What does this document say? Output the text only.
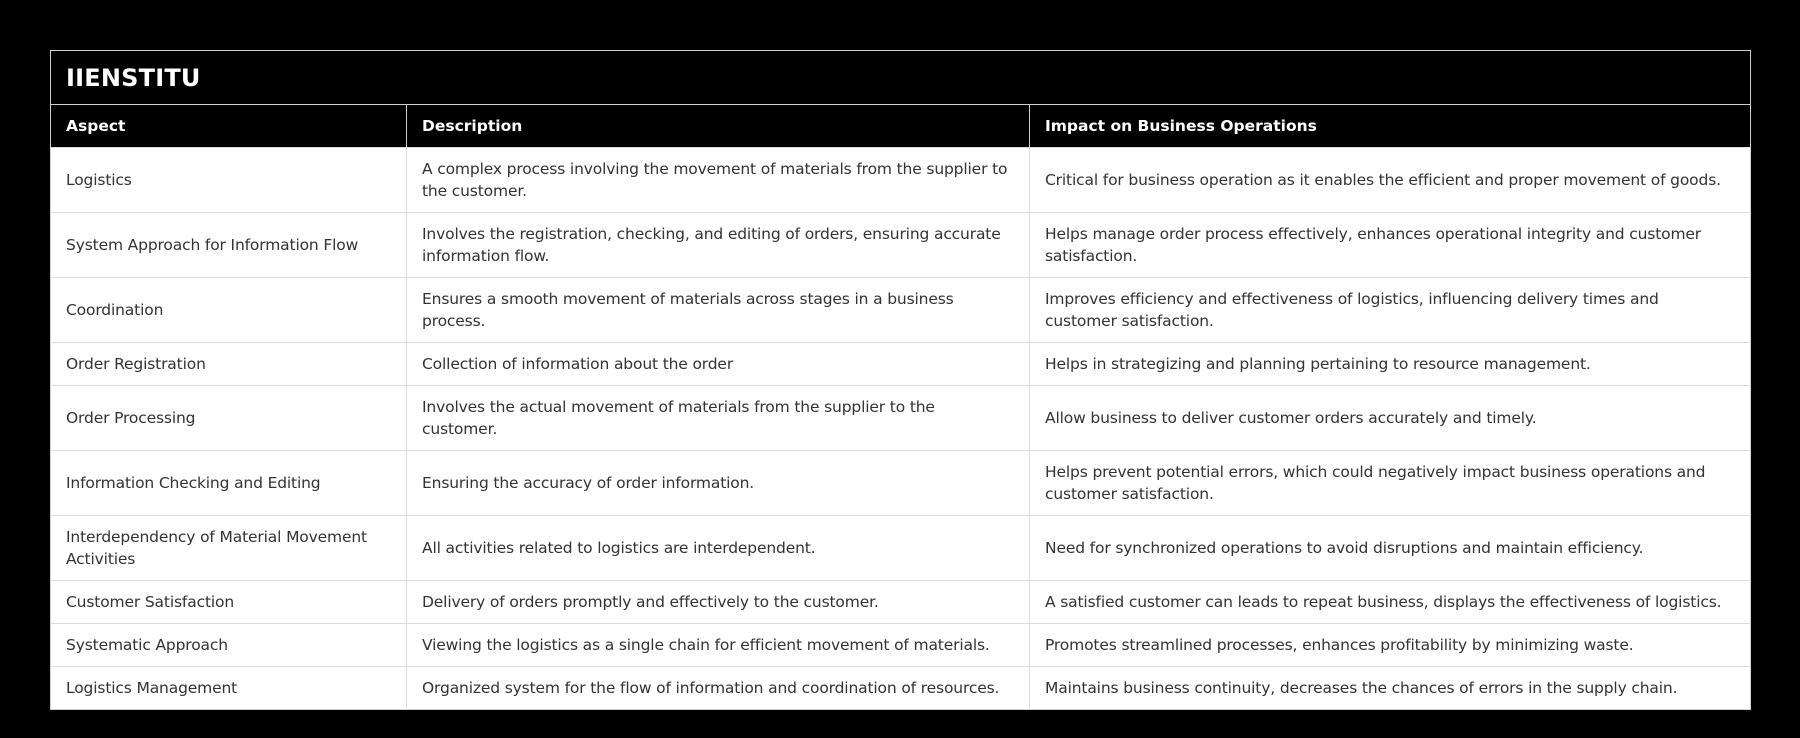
IIENSTITU		
Aspect	Description	Impact on Business Operations
Logistics	A complex process involving the movement of materials from the supplier to the customer.	Critical for business operation as it enables the efficient and proper movement of goods.
System Approach for Information Flow	Involves the registration, checking, and editing of orders, ensuring accurate information flow.	Helps manage order process effectively, enhances operational integrity and customer satisfaction.
Coordination	Ensures a smooth movement of materials across stages in a business process.	Improves efficiency and effectiveness of logistics, influencing delivery times and customer satisfaction.
Order Registration	Collection of information about the order	Helps in strategizing and planning pertaining to resource management.
Order Processing	Involves the actual movement of materials from the supplier to the customer.	Allow business to deliver customer orders accurately and timely.
Information Checking and Editing	Ensuring the accuracy of order information.	Helps prevent potential errors, which could negatively impact business operations and customer satisfaction.
Interdependency of Material Movement Activities	All activities related to logistics are interdependent.	Need for synchronized operations to avoid disruptions and maintain efficiency.
Customer Satisfaction	Delivery of orders promptly and effectively to the customer.	A satisfied customer can leads to repeat business, displays the effectiveness of logistics.
Systematic Approach	Viewing the logistics as a single chain for efficient movement of materials.	Promotes streamlined processes, enhances profitability by minimizing waste.
Logistics Management	Organized system for the flow of information and coordination of resources.	Maintains business continuity, decreases the chances of errors in the supply chain.
